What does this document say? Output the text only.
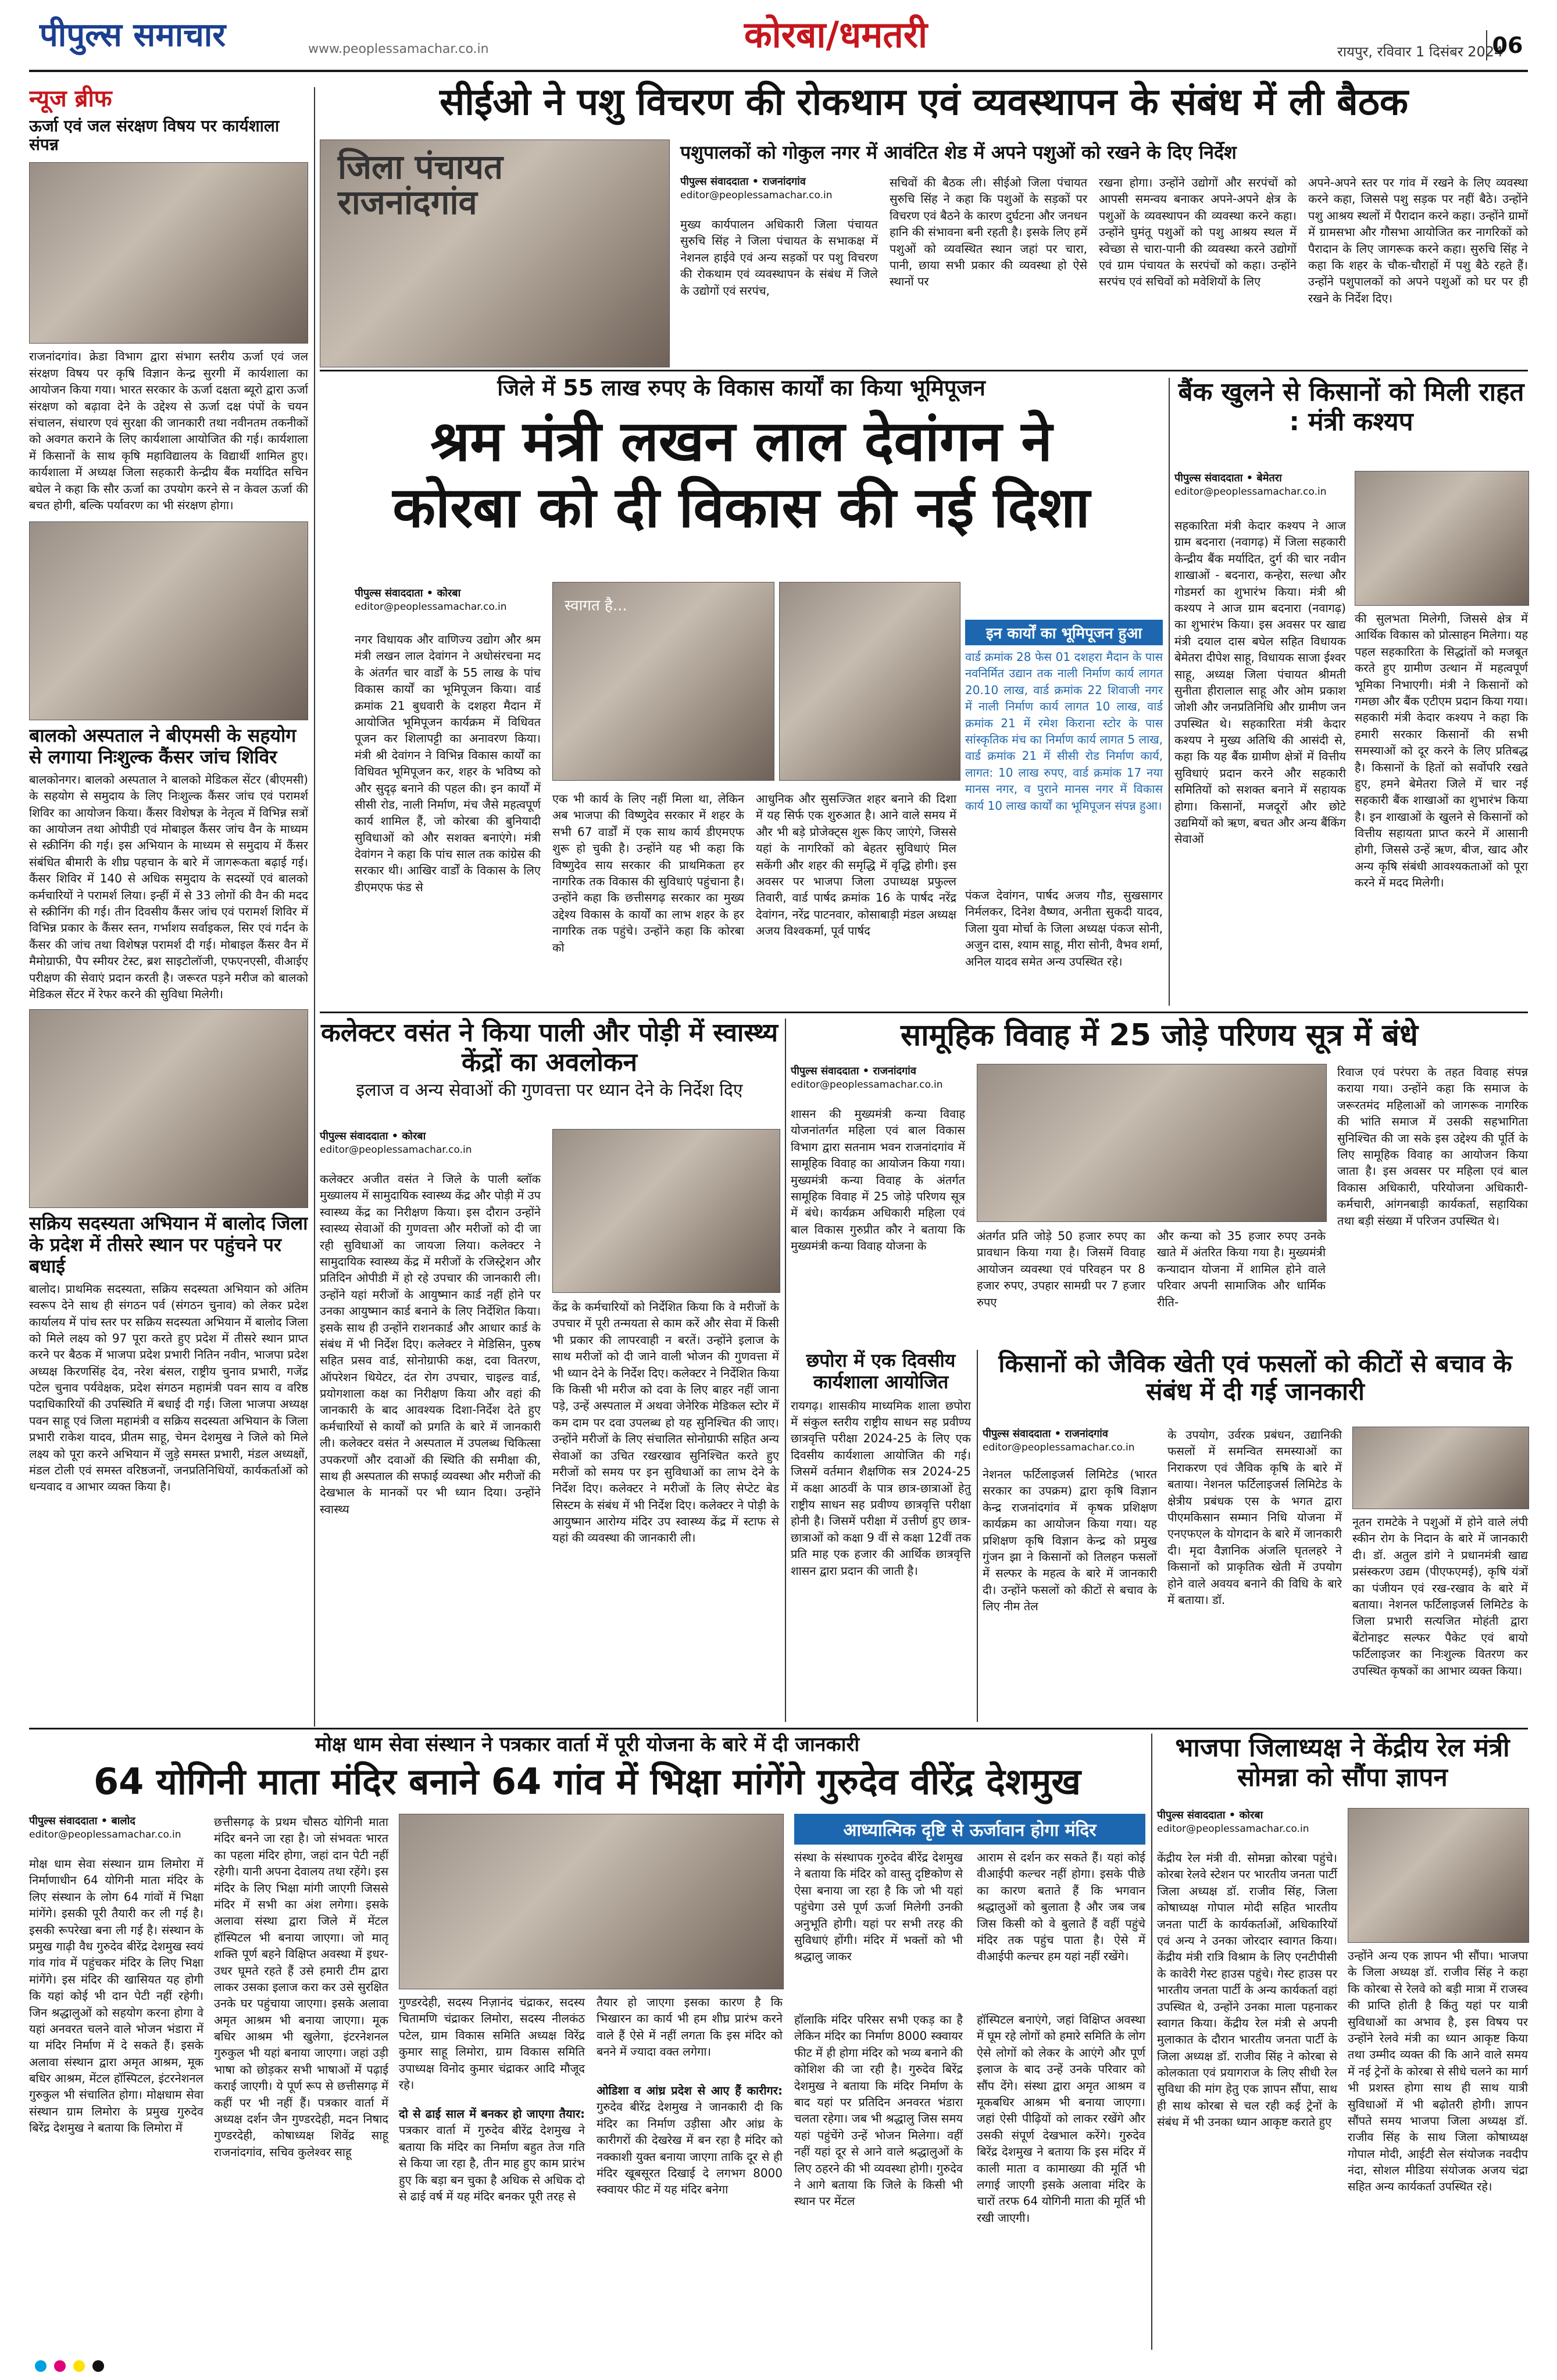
पीपुल्स समाचार	www.peoplessamachar.co.in	कोरबा/धमतरी	रायपुर, रविवार 1 दिसंबर 2024
06
न्यूज ब्रीफ
ऊर्जा एवं जल संरक्षण विषय पर कार्यशाला संपन्न

राजनांदगांव। क्रेडा विभाग द्वारा संभाग स्तरीय ऊर्जा एवं जल संरक्षण विषय पर कृषि विज्ञान केन्द्र सुरगी में कार्यशाला का आयोजन किया गया। भारत सरकार के ऊर्जा दक्षता ब्यूरो द्वारा ऊर्जा संरक्षण को बढ़ावा देने के उद्देश्य से ऊर्जा दक्ष पंपों के चयन संचालन, संधारण एवं सुरक्षा की जानकारी तथा नवीनतम तकनीकों को अवगत कराने के लिए कार्यशाला आयोजित की गई। कार्यशाला में किसानों के साथ कृषि महाविद्यालय के विद्यार्थी शामिल हुए। कार्यशाला में अध्यक्ष जिला सहकारी केन्द्रीय बैंक मर्यादित सचिन बघेल ने कहा कि सौर ऊर्जा का उपयोग करने से न केवल ऊर्जा की बचत होगी, बल्कि पर्यावरण का भी संरक्षण होगा।

बालको अस्पताल ने बीएमसी के सहयोग से लगाया निःशुल्क कैंसर जांच शिविर

बालकोनगर। बालको अस्पताल ने बालको मेडिकल सेंटर (बीएमसी) के सहयोग से समुदाय के लिए निःशुल्क कैंसर जांच एवं परामर्श शिविर का आयोजन किया। कैंसर विशेषज्ञ के नेतृत्व में विभिन्न सत्रों का आयोजन तथा ओपीडी एवं मोबाइल कैंसर जांच वैन के माध्यम से स्क्रीनिंग की गई। इस अभियान के माध्यम से समुदाय में कैंसर संबंधित बीमारी के शीघ्र पहचान के बारे में जागरूकता बढ़ाई गई। कैंसर शिविर में 140 से अधिक समुदाय के सदस्यों एवं बालको कर्मचारियों ने परामर्श लिया। इन्हीं में से 33 लोगों की वैन की मदद से स्क्रीनिंग की गई। तीन दिवसीय कैंसर जांच एवं परामर्श शिविर में विभिन्न प्रकार के कैंसर स्तन, गर्भाशय सर्वाइकल, सिर एवं गर्दन के कैंसर की जांच तथा विशेषज्ञ परामर्श दी गई। मोबाइल कैंसर वैन में मैमोग्राफी, पैप स्मीयर टेस्ट, ब्रश साइटोलॉजी, एफएनएसी, वीआईए परीक्षण की सेवाएं प्रदान करती है। जरूरत पड़ने मरीज को बालको मेडिकल सेंटर में रेफर करने की सुविधा मिलेगी।

सक्रिय सदस्यता अभियान में बालोद जिला के प्रदेश में तीसरे स्थान पर पहुंचने पर बधाई

बालोद। प्राथमिक सदस्यता, सक्रिय सदस्यता अभियान को अंतिम स्वरूप देने साथ ही संगठन पर्व (संगठन चुनाव) को लेकर प्रदेश कार्यालय में पांच स्तर पर सक्रिय सदस्यता अभियान में बालोद जिला को मिले लक्ष्य को 97 पूरा करते हुए प्रदेश में तीसरे स्थान प्राप्त करने पर बैठक में भाजपा प्रदेश प्रभारी नितिन नवीन, भाजपा प्रदेश अध्यक्ष किरणसिंह देव, नरेश बंसल, राष्ट्रीय चुनाव प्रभारी, गजेंद्र पटेल चुनाव पर्यवेक्षक, प्रदेश संगठन महामंत्री पवन साय व वरिष्ठ पदाधिकारियों की उपस्थिति में बधाई दी गई। जिला भाजपा अध्यक्ष पवन साहू एवं जिला महामंत्री व सक्रिय सदस्यता अभियान के जिला प्रभारी राकेश यादव, प्रीतम साहू, चेमन देशमुख ने जिले को मिले लक्ष्य को पूरा करने अभियान में जुड़े समस्त प्रभारी, मंडल अध्यक्षों, मंडल टोली एवं समस्त वरिष्ठजनों, जनप्रतिनिधियों, कार्यकर्ताओं को धन्यवाद व आभार व्यक्त किया है।

सीईओ ने पशु विचरण की रोकथाम एवं व्यवस्थापन के संबंध में ली बैठक
जिला पंचायत राजनांदगांव
पशुपालकों को गोकुल नगर में आवंटित शेड में अपने पशुओं को रखने के दिए निर्देश
पीपुल्स संवाददाता • राजनांदगांव
editor@peoplessamachar.co.in

मुख्य कार्यपालन अधिकारी जिला पंचायत सुरुचि सिंह ने जिला पंचायत के सभाकक्ष में नेशनल हाईवे एवं अन्य सड़कों पर पशु विचरण की रोकथाम एवं व्यवस्थापन के संबंध में जिले के उद्योगों एवं सरपंच,

सचिवों की बैठक ली। सीईओ जिला पंचायत सुरुचि सिंह ने कहा कि पशुओं के सड़कों पर विचरण एवं बैठने के कारण दुर्घटना और जनधन हानि की संभावना बनी रहती है। इसके लिए हमें पशुओं को व्यवस्थित स्थान जहां पर चारा, पानी, छाया सभी प्रकार की व्यवस्था हो ऐसे स्थानों पर

रखना होगा। उन्होंने उद्योगों और सरपंचों को आपसी समन्वय बनाकर अपने-अपने क्षेत्र के पशुओं के व्यवस्थापन की व्यवस्था करने कहा। उन्होंने घुमंतू पशुओं को पशु आश्रय स्थल में स्वेच्छा से चारा-पानी की व्यवस्था करने उद्योगों एवं ग्राम पंचायत के सरपंचों को कहा। उन्होंने सरपंच एवं सचिवों को मवेशियों के लिए

अपने-अपने स्तर पर गांव में रखने के लिए व्यवस्था करने कहा, जिससे पशु सड़क पर नहीं बैठे। उन्होंने पशु आश्रय स्थलों में पैरादान करने कहा। उन्होंने ग्रामों में ग्रामसभा और गौसभा आयोजित कर नागरिकों को पैरादान के लिए जागरूक करने कहा। सुरुचि सिंह ने कहा कि शहर के चौक-चौराहों में पशु बैठे रहते हैं। उन्होंने पशुपालकों को अपने पशुओं को घर पर ही रखने के निर्देश दिए।

जिले में 55 लाख रुपए के विकास कार्यों का किया भूमिपूजन
श्रम मंत्री लखन लाल देवांगन ने
कोरबा को दी विकास की नई दिशा
पीपुल्स संवाददाता • कोरबा
editor@peoplessamachar.co.in

नगर विधायक और वाणिज्य उद्योग और श्रम मंत्री लखन लाल देवांगन ने अधोसंरचना मद के अंतर्गत चार वार्डों के 55 लाख के पांच विकास कार्यों का भूमिपूजन किया। वार्ड क्रमांक 21 बुधवारी के दशहरा मैदान में आयोजित भूमिपूजन कार्यक्रम में विधिवत पूजन कर शिलापट्टी का अनावरण किया। मंत्री श्री देवांगन ने विभिन्न विकास कार्यों का विधिवत भूमिपूजन कर, शहर के भविष्य को और सुदृढ़ बनाने की पहल की। इन कार्यों में सीसी रोड, नाली निर्माण, मंच जैसे महत्वपूर्ण कार्य शामिल हैं, जो कोरबा की बुनियादी सुविधाओं को और सशक्त बनाएंगे। मंत्री देवांगन ने कहा कि पांच साल तक कांग्रेस की सरकार थी। आखिर वार्डों के विकास के लिए डीएमएफ फंड से

स्वागत है...

एक भी कार्य के लिए नहीं मिला था, लेकिन अब भाजपा की विष्णुदेव सरकार में शहर के सभी 67 वार्डों में एक साथ कार्य डीएमएफ शुरू हो चुकी है। उन्होंने यह भी कहा कि विष्णुदेव साय सरकार की प्राथमिकता हर नागरिक तक विकास की सुविधाएं पहुंचाना है। उन्होंने कहा कि छत्तीसगढ़ सरकार का मुख्य उद्देश्य विकास के कार्यों का लाभ शहर के हर नागरिक तक पहुंचे। उन्होंने कहा कि कोरबा को

आधुनिक और सुसज्जित शहर बनाने की दिशा में यह सिर्फ एक शुरुआत है। आने वाले समय में और भी बड़े प्रोजेक्ट्स शुरू किए जाएंगे, जिससे यहां के नागरिकों को बेहतर सुविधाएं मिल सकेंगी और शहर की समृद्धि में वृद्धि होगी। इस अवसर पर भाजपा जिला उपाध्यक्ष प्रफुल्ल तिवारी, वार्ड पार्षद क्रमांक 16 के पार्षद नरेंद्र देवांगन, नरेंद्र पाटनवार, कोसाबाड़ी मंडल अध्यक्ष अजय विश्वकर्मा, पूर्व पार्षद

इन कार्यों का भूमिपूजन हुआ

वार्ड क्रमांक 28 फेस 01 दशहरा मैदान के पास नवनिर्मित उद्यान तक नाली निर्माण कार्य लागत 20.10 लाख, वार्ड क्रमांक 22 शिवाजी नगर में नाली निर्माण कार्य लागत 10 लाख, वार्ड क्रमांक 21 में रमेश किराना स्टोर के पास सांस्कृतिक मंच का निर्माण कार्य लागत 5 लाख, वार्ड क्रमांक 21 में सीसी रोड निर्माण कार्य, लागत: 10 लाख रुपए, वार्ड क्रमांक 17 नया मानस नगर, व पुराने मानस नगर में विकास कार्य 10 लाख कार्यों का भूमिपूजन संपन्न हुआ।

पंकज देवांगन, पार्षद अजय गौड, सुखसागर निर्मलकर, दिनेश वैष्णव, अनीता सुकदी यादव, जिला युवा मोर्चा के जिला अध्यक्ष पंकज सोनी, अजुन दास, श्याम साहू, मीरा सोनी, वैभव शर्मा, अनिल यादव समेत अन्य उपस्थित रहे।

बैंक खुलने से किसानों को मिली राहत : मंत्री कश्यप
पीपुल्स संवाददाता • बेमेतरा
editor@peoplessamachar.co.in

सहकारिता मंत्री केदार कश्यप ने आज ग्राम बदनारा (नवागढ़) में जिला सहकारी केन्द्रीय बैंक मर्यादित, दुर्ग की चार नवीन शाखाओं - बदनारा, कन्हेरा, सल्धा और गोडमर्रा का शुभारंभ किया। मंत्री श्री कश्यप ने आज ग्राम बदनारा (नवागढ़) का शुभारंभ किया। इस अवसर पर खाद्य मंत्री दयाल दास बघेल सहित विधायक बेमेतरा दीपेश साहू, विधायक साजा ईश्वर साहू, अध्यक्ष जिला पंचायत श्रीमती सुनीता हीरालाल साहू और ओम प्रकाश जोशी और जनप्रतिनिधि और ग्रामीण जन उपस्थित थे। सहकारिता मंत्री केदार कश्यप ने मुख्य अतिथि की आसंदी से, कहा कि यह बैंक ग्रामीण क्षेत्रों में वित्तीय सुविधाएं प्रदान करने और सहकारी समितियों को सशक्त बनाने में सहायक होगा। किसानों, मजदूरों और छोटे उद्यमियों को ऋण, बचत और अन्य बैंकिंग सेवाओं

की सुलभता मिलेगी, जिससे क्षेत्र में आर्थिक विकास को प्रोत्साहन मिलेगा। यह पहल सहकारिता के सिद्धांतों को मजबूत करते हुए ग्रामीण उत्थान में महत्वपूर्ण भूमिका निभाएगी। मंत्री ने किसानों को गमछा और बैंक एटीएम प्रदान किया गया। सहकारी मंत्री केदार कश्यप ने कहा कि हमारी सरकार किसानों की सभी समस्याओं को दूर करने के लिए प्रतिबद्ध है। किसानों के हितों को सर्वोपरि रखते हुए, हमने बेमेतरा जिले में चार नई सहकारी बैंक शाखाओं का शुभारंभ किया है। इन शाखाओं के खुलने से किसानों को वित्तीय सहायता प्राप्त करने में आसानी होगी, जिससे उन्हें ऋण, बीज, खाद और अन्य कृषि संबंधी आवश्यकताओं को पूरा करने में मदद मिलेगी।

कलेक्टर वसंत ने किया पाली और पोड़ी में स्वास्थ्य केंद्रों का अवलोकन
इलाज व अन्य सेवाओं की गुणवत्ता पर ध्यान देने के निर्देश दिए
पीपुल्स संवाददाता • कोरबा
editor@peoplessamachar.co.in

कलेक्टर अजीत वसंत ने जिले के पाली ब्लॉक मुख्यालय में सामुदायिक स्वास्थ्य केंद्र और पोड़ी में उप स्वास्थ्य केंद्र का निरीक्षण किया। इस दौरान उन्होंने स्वास्थ्य सेवाओं की गुणवत्ता और मरीजों को दी जा रही सुविधाओं का जायजा लिया। कलेक्टर ने सामुदायिक स्वास्थ्य केंद्र में मरीजों के रजिस्ट्रेशन और प्रतिदिन ओपीडी में हो रहे उपचार की जानकारी ली। उन्होंने यहां मरीजों के आयुष्मान कार्ड नहीं होने पर उनका आयुष्मान कार्ड बनाने के लिए निर्देशित किया। इसके साथ ही उन्होंने राशनकार्ड और आधार कार्ड के संबंध में भी निर्देश दिए। कलेक्टर ने मेडिसिन, पुरुष सहित प्रसव वार्ड, सोनोग्राफी कक्ष, दवा वितरण, ऑपरेशन थियेटर, दंत रोग उपचार, चाइल्ड वार्ड, प्रयोगशाला कक्ष का निरीक्षण किया और वहां की जानकारी के बाद आवश्यक दिशा-निर्देश देते हुए कर्मचारियों से कार्यों को प्रगति के बारे में जानकारी ली। कलेक्टर वसंत ने अस्पताल में उपलब्ध चिकित्सा उपकरणों और दवाओं की स्थिति की समीक्षा की, साथ ही अस्पताल की सफाई व्यवस्था और मरीजों की देखभाल के मानकों पर भी ध्यान दिया। उन्होंने स्वास्थ्य

केंद्र के कर्मचारियों को निर्देशित किया कि वे मरीजों के उपचार में पूरी तन्मयता से काम करें और सेवा में किसी भी प्रकार की लापरवाही न बरतें। उन्होंने इलाज के साथ मरीजों को दी जाने वाली भोजन की गुणवत्ता में भी ध्यान देने के निर्देश दिए। कलेक्टर ने निर्देशित किया कि किसी भी मरीज को दवा के लिए बाहर नहीं जाना पड़े, उन्हें अस्पताल में अथवा जेनेरिक मेडिकल स्टोर में कम दाम पर दवा उपलब्ध हो यह सुनिश्चित की जाए। उन्होंने मरीजों के लिए संचालित सोनोग्राफी सहित अन्य सेवाओं का उचित रखरखाव सुनिश्चित करते हुए मरीजों को समय पर इन सुविधाओं का लाभ देने के निर्देश दिए। कलेक्टर ने मरीजों के लिए सेप्टेट बेड सिस्टम के संबंध में भी निर्देश दिए। कलेक्टर ने पोड़ी के आयुष्मान आरोग्य मंदिर उप स्वास्थ्य केंद्र में स्टाफ से यहां की व्यवस्था की जानकारी ली।

सामूहिक विवाह में 25 जोड़े परिणय सूत्र में बंधे
पीपुल्स संवाददाता • राजनांदगांव
editor@peoplessamachar.co.in

शासन की मुख्यमंत्री कन्या विवाह योजनांतर्गत महिला एवं बाल विकास विभाग द्वारा सतनाम भवन राजनांदगांव में सामूहिक विवाह का आयोजन किया गया। मुख्यमंत्री कन्या विवाह के अंतर्गत सामूहिक विवाह में 25 जोड़े परिणय सूत्र में बंधे। कार्यक्रम अधिकारी महिला एवं बाल विकास गुरुप्रीत कौर ने बताया कि मुख्यमंत्री कन्या विवाह योजना के

अंतर्गत प्रति जोड़े 50 हजार रुपए का प्रावधान किया गया है। जिसमें विवाह आयोजन व्यवस्था एवं परिवहन पर 8 हजार रुपए, उपहार सामग्री पर 7 हजार रुपए

और कन्या को 35 हजार रुपए उनके खाते में अंतरित किया गया है। मुख्यमंत्री कन्यादान योजना में शामिल होने वाले परिवार अपनी सामाजिक और धार्मिक रीति-

रिवाज एवं परंपरा के तहत विवाह संपन्न कराया गया। उन्होंने कहा कि समाज के जरूरतमंद महिलाओं को जागरूक नागरिक की भांति समाज में उसकी सहभागिता सुनिश्चित की जा सके इस उद्देश्य की पूर्ति के लिए सामूहिक विवाह का आयोजन किया जाता है। इस अवसर पर महिला एवं बाल विकास अधिकारी, परियोजना अधिकारी-कर्मचारी, आंगनबाड़ी कार्यकर्ता, सहायिका तथा बड़ी संख्या में परिजन उपस्थित थे।

छपोरा में एक दिवसीय कार्यशाला आयोजित

रायगढ़। शासकीय माध्यमिक शाला छपोरा में संकुल स्तरीय राष्ट्रीय साधन सह प्रवीण्य छात्रवृत्ति परीक्षा 2024-25 के लिए एक दिवसीय कार्यशाला आयोजित की गई। जिसमें वर्तमान शैक्षणिक सत्र 2024-25 में कक्षा आठवीं के पात्र छात्र-छात्राओं हेतु राष्ट्रीय साधन सह प्रवीण्य छात्रवृत्ति परीक्षा होनी है। जिसमें परीक्षा में उत्तीर्ण हुए छात्र-छात्राओं को कक्षा 9 वीं से कक्षा 12वीं तक प्रति माह एक हजार की आर्थिक छात्रवृत्ति शासन द्वारा प्रदान की जाती है।

किसानों को जैविक खेती एवं फसलों को कीटों से बचाव के संबंध में दी गई जानकारी
पीपुल्स संवाददाता • राजनांदगांव
editor@peoplessamachar.co.in

नेशनल फर्टिलाइजर्स लिमिटेड (भारत सरकार का उपक्रम) द्वारा कृषि विज्ञान केन्द्र राजनांदगांव में कृषक प्रशिक्षण कार्यक्रम का आयोजन किया गया। यह प्रशिक्षण कृषि विज्ञान केन्द्र को प्रमुख गुंजन झा ने किसानों को तिलहन फसलों में सल्फर के महत्व के बारे में जानकारी दी। उन्होंने फसलों को कीटों से बचाव के लिए नीम तेल

के उपयोग, उर्वरक प्रबंधन, उद्यानिकी फसलों में समन्वित समस्याओं का निराकरण एवं जैविक कृषि के बारे में बताया। नेशनल फर्टिलाइजर्स लिमिटेड के क्षेत्रीय प्रबंधक एस के भगत द्वारा पीएमकिसान सम्मान निधि योजना में एनएफएल के योगदान के बारे में जानकारी दी। मृदा वैज्ञानिक अंजलि घृतलहरे ने किसानों को प्राकृतिक खेती में उपयोग होने वाले अवयव बनाने की विधि के बारे में बताया। डॉ.

नूतन रामटेके ने पशुओं में होने वाले लंपी स्कीन रोग के निदान के बारे में जानकारी दी। डॉ. अतुल डांगे ने प्रधानमंत्री खाद्य प्रसंस्करण उद्यम (पीएफएमई), कृषि यंत्रों का पंजीयन एवं रख-रखाव के बारे में बताया। नेशनल फर्टिलाइजर्स लिमिटेड के जिला प्रभारी सत्यजित मोहंती द्वारा बेंटोनाइट सल्फर पैकेट एवं बायो फर्टिलाइजर का निःशुल्क वितरण कर उपस्थित कृषकों का आभार व्यक्त किया।

मोक्ष धाम सेवा संस्थान ने पत्रकार वार्ता में पूरी योजना के बारे में दी जानकारी
64 योगिनी माता मंदिर बनाने 64 गांव में भिक्षा मांगेंगे गुरुदेव वीरेंद्र देशमुख
पीपुल्स संवाददाता • बालोद
editor@peoplessamachar.co.in

मोक्ष धाम सेवा संस्थान ग्राम लिमोरा में निर्माणाधीन 64 योगिनी माता मंदिर के लिए संस्थान के लोग 64 गांवों में भिक्षा मांगेंगे। इसकी पूरी तैयारी कर ली गई है। इसकी रूपरेखा बना ली गई है। संस्थान के प्रमुख गाढ़ी वैध गुरुदेव बीरेंद्र देशमुख स्वयं गांव गांव में पहुंचकर मंदिर के लिए भिक्षा मांगेंगे। इस मंदिर की खासियत यह होगी कि यहां कोई भी दान पेटी नहीं रहेगी। जिन श्रद्धालुओं को सहयोग करना होगा वे यहां अनवरत चलने वाले भोजन भंडारा में या मंदिर निर्माण में दे सकते हैं। इसके अलावा संस्थान द्वारा अमृत आश्रम, मूक बधिर आश्रम, मेंटल हॉस्पिटल, इंटरनेशनल गुरुकुल भी संचालित होगा। मोक्षधाम सेवा संस्थान ग्राम लिमोरा के प्रमुख गुरुदेव बिरेंद्र देशमुख ने बताया कि लिमोरा में

छत्तीसगढ़ के प्रथम चौसठ योगिनी माता मंदिर बनने जा रहा है। जो संभवतः भारत का पहला मंदिर होगा, जहां दान पेटी नहीं रहेगी। यानी अपना देवालय तथा रहेंगे। इस मंदिर के लिए भिक्षा मांगी जाएगी जिससे मंदिर में सभी का अंश लगेगा। इसके अलावा संस्था द्वारा जिले में मेंटल हॉस्पिटल भी बनाया जाएगा। जो मातृ शक्ति पूर्ण बहने विक्षिप्त अवस्था में इधर-उधर घूमते रहते हैं उसे हमारी टीम द्वारा लाकर उसका इलाज करा कर उसे सुरक्षित उनके घर पहुंचाया जाएगा। इसके अलावा अमृत आश्रम भी बनाया जाएगा। मूक बधिर आश्रम भी खुलेगा, इंटरनेशनल गुरुकुल भी यहां बनाया जाएगा। जहां उड़ी भाषा को छोड़कर सभी भाषाओं में पढ़ाई कराई जाएगी। ये पूर्ण रूप से छत्तीसगढ़ में कहीं पर भी नहीं हैं। पत्रकार वार्ता में अध्यक्ष दर्शन जैन गुण्डरदेही, मदन निषाद गुण्डरदेही, कोषाध्यक्ष शिवेंद्र साहू राजनांदगांव, सचिव कुलेश्वर साहू

गुण्डरदेही, सदस्य निज़ानंद चंद्राकर, सदस्य चितामणि चंद्राकर लिमोरा, सदस्य नीलकंठ पटेल, ग्राम विकास समिति अध्यक्ष विरेंद्र कुमार साहू लिमोरा, ग्राम विकास समिति उपाध्यक्ष विनोद कुमार चंद्राकर आदि मौजूद रहे।

दो से ढाई साल में बनकर हो जाएगा तैयार: पत्रकार वार्ता में गुरुदेव बीरेंद्र देशमुख ने बताया कि मंदिर का निर्माण बहुत तेज गति से किया जा रहा है, तीन माह हुए काम प्रारंभ हुए कि बड़ा बन चुका है अधिक से अधिक दो से ढाई वर्ष में यह मंदिर बनकर पूरी तरह से

तैयार हो जाएगा इसका कारण है कि भिखारन का कार्य भी हम शीघ्र प्रारंभ करने वाले हैं ऐसे में नहीं लगता कि इस मंदिर को बनने में ज्यादा वक्त लगेगा।

ओडिशा व आंध्र प्रदेश से आए हैं कारीगर: गुरुदेव बीरेंद्र देशमुख ने जानकारी दी कि मंदिर का निर्माण उड़ीसा और आंध्र के कारीगरों की देखरेख में बन रहा है मंदिर को नक्काशी युक्त बनाया जाएगा ताकि दूर से ही मंदिर खूबसूरत दिखाई दे लगभग 8000 स्क्वायर फीट में यह मंदिर बनेगा

आध्यात्मिक दृष्टि से ऊर्जावान होगा मंदिर

संस्था के संस्थापक गुरुदेव बीरेंद्र देशमुख ने बताया कि मंदिर को वास्तु दृष्टिकोण से ऐसा बनाया जा रहा है कि जो भी यहां पहुंचेगा उसे पूर्ण ऊर्जा मिलेगी उनकी अनुभूति होगी। यहां पर सभी तरह की सुविधाएं होंगी। मंदिर में भक्तों को भी श्रद्धालु जाकर

आराम से दर्शन कर सकते हैं। यहां कोई वीआईपी कल्चर नहीं होगा। इसके पीछे का कारण बताते हैं कि भगवान श्रद्धालुओं को बुलाता है और जब जब जिस किसी को वे बुलाते हैं वहीं पहुंचे मंदिर तक पहुंच पाता है। ऐसे में वीआईपी कल्चर हम यहां नहीं रखेंगे।

हॉलाकि मंदिर परिसर सभी एकड़ का है लेकिन मंदिर का निर्माण 8000 स्क्वायर फीट में ही होगा मंदिर को भव्य बनाने की कोशिश की जा रही है। गुरुदेव बिरेंद्र देशमुख ने बताया कि मंदिर निर्माण के बाद यहां पर प्रतिदिन अनवरत भंडारा चलता रहेगा। जब भी श्रद्धालु जिस समय यहां पहुंचेंगे उन्हें भोजन मिलेगा। वहीं नहीं यहां दूर से आने वाले श्रद्धालुओं के लिए ठहरने की भी व्यवस्था होगी। गुरुदेव ने आगे बताया कि जिले के किसी भी स्थान पर मेंटल

हॉस्पिटल बनाएंगे, जहां विक्षिप्त अवस्था में घूम रहे लोगों को हमारे समिति के लोग ऐसे लोगों को लेकर के आएंगे और पूर्ण इलाज के बाद उन्हें उनके परिवार को सौंप देंगे। संस्था द्वारा अमृत आश्रम व मूकबधिर आश्रम भी बनाया जाएगा। जहां ऐसी पीढ़ियों को लाकर रखेंगे और उसकी संपूर्ण देखभाल करेंगे। गुरुदेव बिरेंद्र देशमुख ने बताया कि इस मंदिर में काली माता व कामाख्या की मूर्ति भी लगाई जाएगी इसके अलावा मंदिर के चारों तरफ 64 योगिनी माता की मूर्ति भी रखी जाएगी।

भाजपा जिलाध्यक्ष ने केंद्रीय रेल मंत्री सोमन्ना को सौंपा ज्ञापन
पीपुल्स संवाददाता • कोरबा
editor@peoplessamachar.co.in

केंद्रीय रेल मंत्री वी. सोमन्ना कोरबा पहुंचे। कोरबा रेलवे स्टेशन पर भारतीय जनता पार्टी जिला अध्यक्ष डॉ. राजीव सिंह, जिला कोषाध्यक्ष गोपाल मोदी सहित भारतीय जनता पार्टी के कार्यकर्ताओं, अधिकारियों एवं अन्य ने उनका जोरदार स्वागत किया। केंद्रीय मंत्री रात्रि विश्राम के लिए एनटीपीसी के कावेरी गेस्ट हाउस पहुंचे। गेस्ट हाउस पर भारतीय जनता पार्टी के अन्य कार्यकर्ता वहां उपस्थित थे, उन्होंने उनका माला पहनाकर स्वागत किया। केंद्रीय रेल मंत्री से अपनी मुलाकात के दौरान भारतीय जनता पार्टी के जिला अध्यक्ष डॉ. राजीव सिंह ने कोरबा से कोलकाता एवं प्रयागराज के लिए सीधी रेल सुविधा की मांग हेतु एक ज्ञापन सौंपा, साथ ही साथ कोरबा से चल रही कई ट्रेनों के संबंध में भी उनका ध्यान आकृष्ट कराते हुए

उन्होंने अन्य एक ज्ञापन भी सौंपा। भाजपा के जिला अध्यक्ष डॉ. राजीव सिंह ने कहा कि कोरबा से रेलवे को बड़ी मात्रा में राजस्व की प्राप्ति होती है किंतु यहां पर यात्री सुविधाओं का अभाव है, इस विषय पर उन्होंने रेलवे मंत्री का ध्यान आकृष्ट किया तथा उम्मीद व्यक्त की कि आने वाले समय में नई ट्रेनों के कोरबा से सीधे चलने का मार्ग भी प्रशस्त होगा साथ ही साथ यात्री सुविधाओं में भी बढ़ोतरी होगी। ज्ञापन सौंपते समय भाजपा जिला अध्यक्ष डॉ. राजीव सिंह के साथ जिला कोषाध्यक्ष गोपाल मोदी, आईटी सेल संयोजक नवदीप नंदा, सोशल मीडिया संयोजक अजय चंद्रा सहित अन्य कार्यकर्ता उपस्थित रहे।
